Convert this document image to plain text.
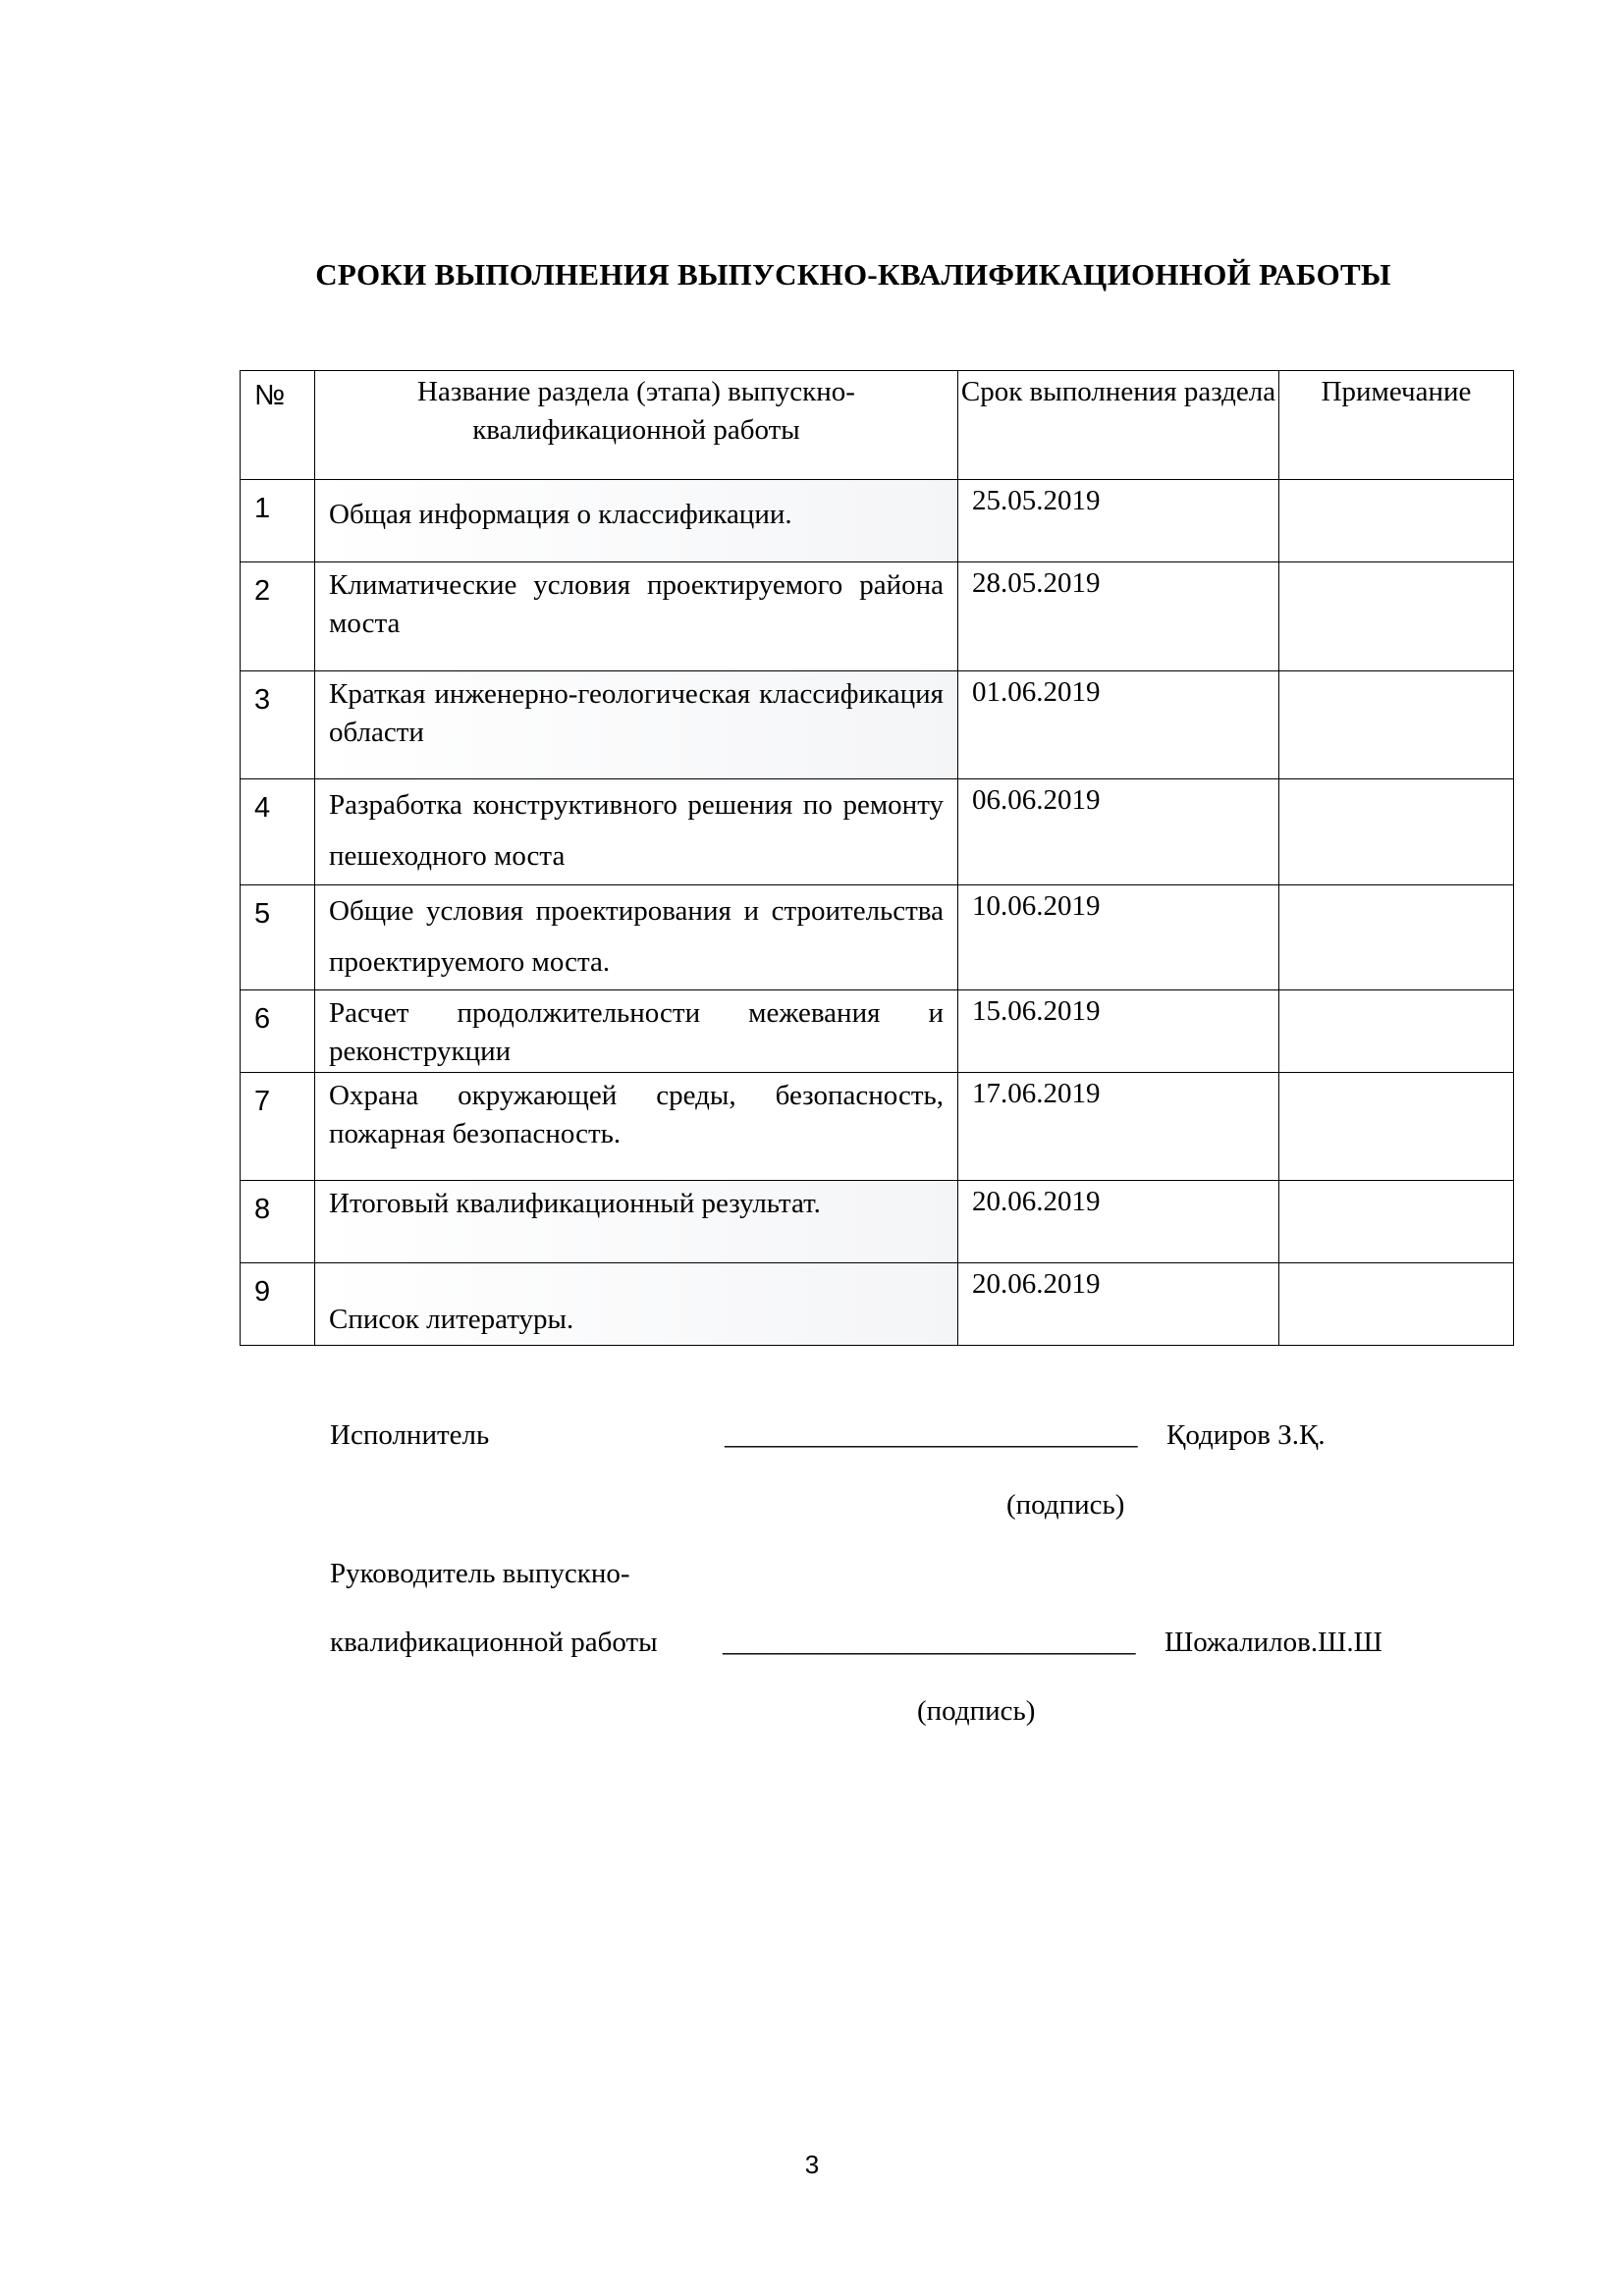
СРОКИ ВЫПОЛНЕНИЯ ВЫПУСКНО-КВАЛИФИКАЦИОННОЙ РАБОТЫ
№	Название раздела (этапа) выпускно-квалификационной работы	Срок выполнения раздела	Примечание
1	Общая информация о классификации.	25.05.2019	
2	Климатические условия проектируемого района моста	28.05.2019	
3	Краткая инженерно-геологическая классификация области	01.06.2019	
4	Разработка конструктивного решения по ремонту пешеходного моста	06.06.2019	
5	Общие условия проектирования и строительства проектируемого моста.	10.06.2019	
6	Расчет продолжительности межевания и реконструкции	15.06.2019	
7	Охрана окружающей среды, безопасность, пожарная безопасность.	17.06.2019	
8	Итоговый квалификационный результат.	20.06.2019	
9	Список литературы.	20.06.2019	
Исполнитель	_____________________________ Қодиров З.Қ.
(подпись)
Руководитель выпускно-
квалификационной работы _____________________________ Шожалилов.Ш.Ш
(подпись)
3
